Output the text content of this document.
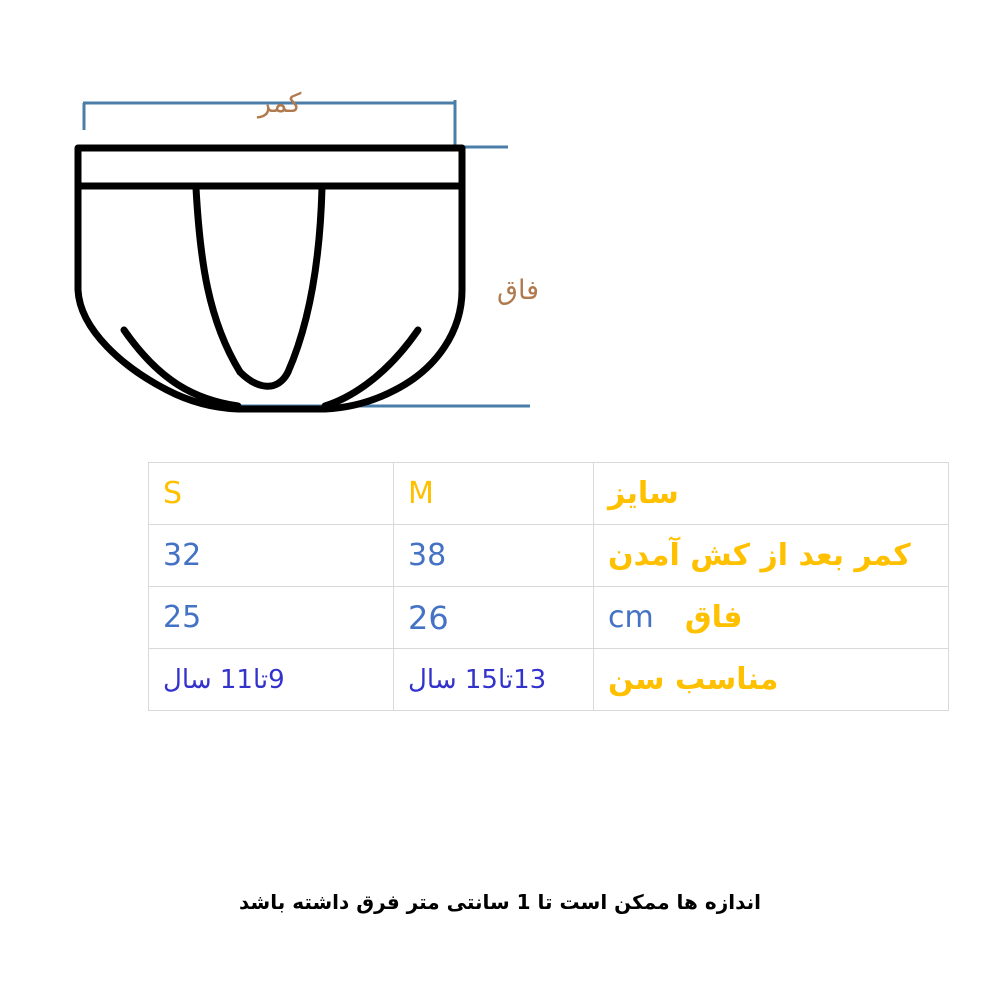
کمر
فاق
سایز	M	S
کمر بعد از کش آمدن	38	32
فاق cm	26	25
مناسب سن	13تا15 سال	9تا11 سال
اندازه ها ممکن است تا 1 سانتی متر فرق داشته باشد
